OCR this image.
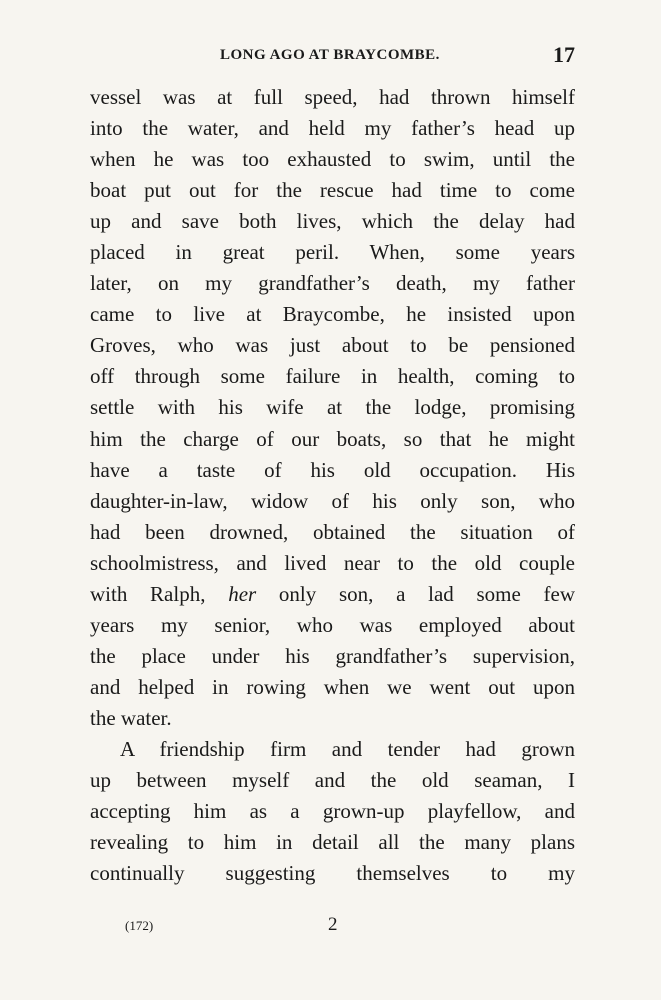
LONG AGO AT BRAYCOMBE.	17
vessel was at full speed, had thrown himself
into the water, and held my father’s head up
when he was too exhausted to swim, until the
boat put out for the rescue had time to come
up and save both lives, which the delay had
placed in great peril. When, some years
later, on my grandfather’s death, my father
came to live at Braycombe, he insisted upon
Groves, who was just about to be pensioned
off through some failure in health, coming to
settle with his wife at the lodge, promising
him the charge of our boats, so that he might
have a taste of his old occupation. His
daughter-in-law, widow of his only son, who
had been drowned, obtained the situation of
schoolmistress, and lived near to the old couple
with Ralph, her only son, a lad some few
years my senior, who was employed about
the place under his grandfather’s supervision,
and helped in rowing when we went out upon
the water.
A friendship firm and tender had grown
up between myself and the old seaman, I
accepting him as a grown-up playfellow, and
revealing to him in detail all the many plans
continually suggesting themselves to my
(172)	2
